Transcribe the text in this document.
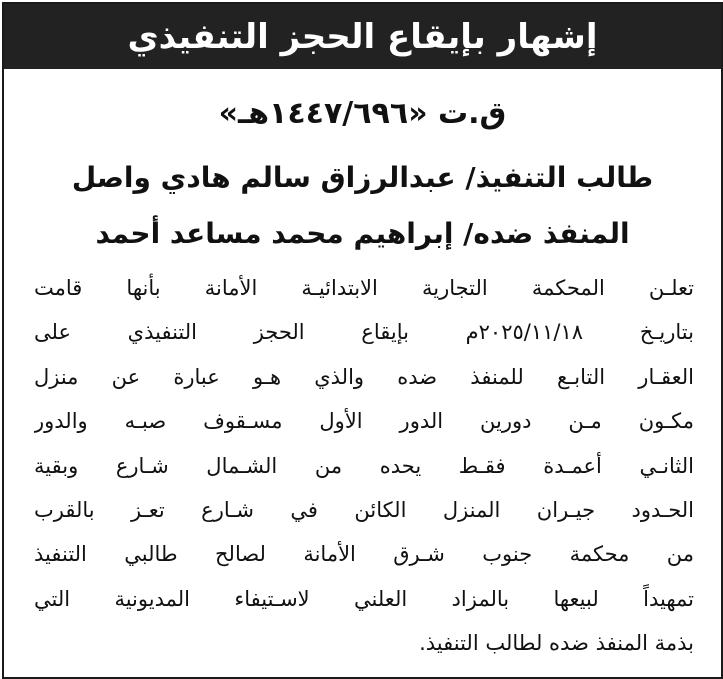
إشهار بإيقاع الحجز التنفيذي
ق.ت «١٤٤٧/٦٩٦هـ»
طالب التنفيذ/ عبدالرزاق سالم هادي واصل
المنفذ ضده/ إبراهيم محمد مساعد أحمد
تعلـن المحكمة التجارية الابتدائيـة الأمانة بأنها قامت
بتاريـخ ٢٠٢٥/١١/١٨م بإيقاع الحجز التنفيذي على
العقـار التابـع للمنفذ ضده والذي هـو عبارة عن منزل
مكـون مـن دورين الدور الأول مسـقوف صبـه والدور
الثانـي أعمـدة فقـط يحده من الشـمال شـارع وبقية
الحـدود جيـران المنزل الكائن في شـارع تعـز بالقرب
من محكمة جنوب شـرق الأمانة لصالح طالبي التنفيذ
تمهيداً لبيعها بالمزاد العلني لاسـتيفاء المديونية التي
بذمة المنفذ ضده لطالب التنفيذ.
